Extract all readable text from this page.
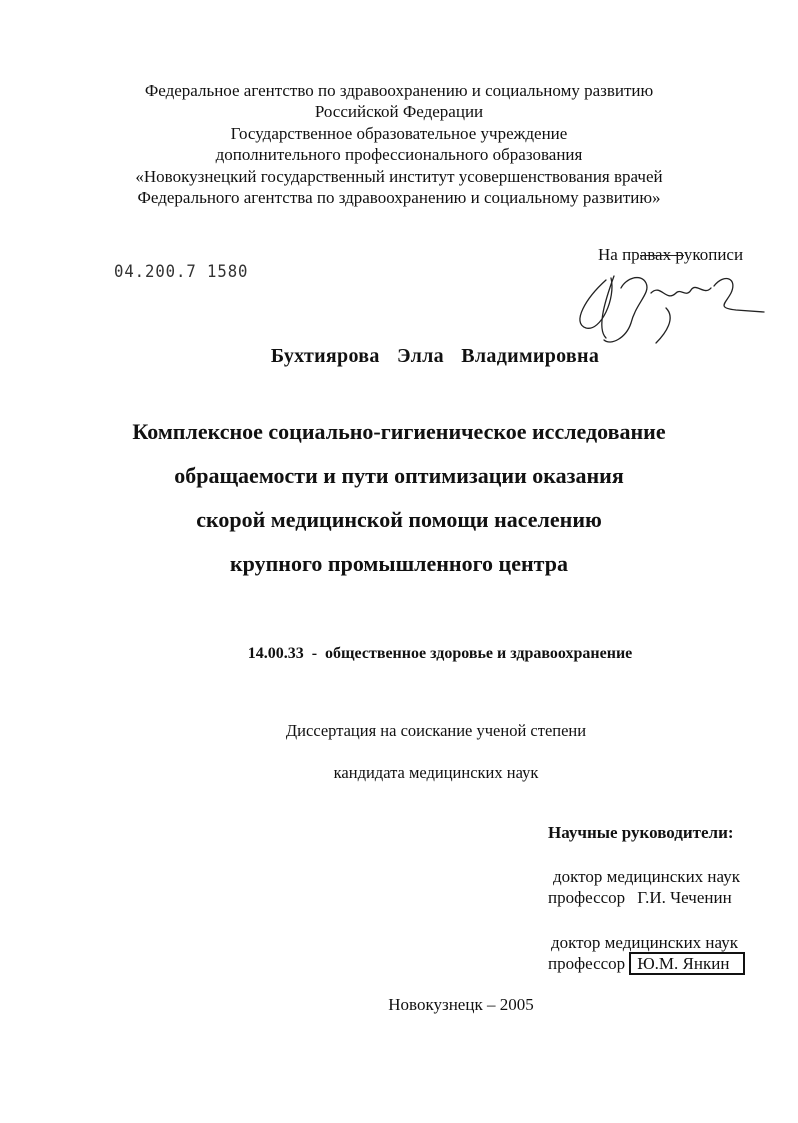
Федеральное агентство по здравоохранению и социальному развитию
Российской Федерации
Государственное образовательное учреждение
дополнительного профессионального образования
«Новокузнецкий государственный институт усовершенствования врачей
Федерального агентства по здравоохранению и социальному развитию»
04.200.7 1580
На правах рукописи
Бухтиярова Элла Владимировна
Комплексное социально-гигиеническое исследование
обращаемости и пути оптимизации оказания
скорой медицинской помощи населению
крупного промышленного центра
14.00.33  -  общественное здоровье и здравоохранение
Диссертация на соискание ученой степени
кандидата медицинских наук
Научные руководители:
доктор медицинских наук
профессор Г.И. Чеченин
доктор медицинских наук
профессор Ю.М. Янкин
Новокузнецк – 2005
